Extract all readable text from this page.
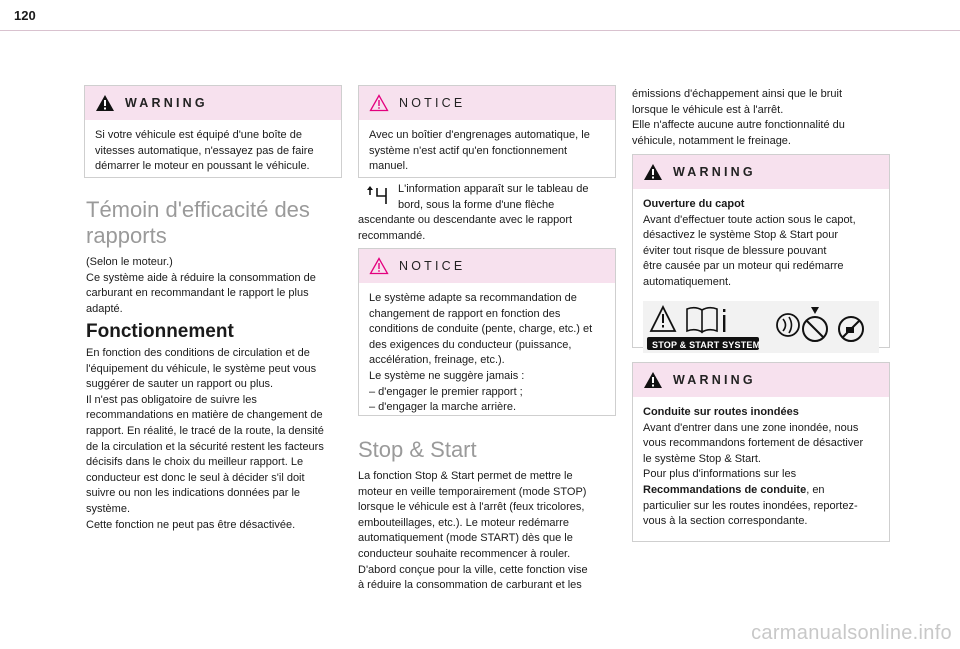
120
WARNING
Si votre véhicule est équipé d'une boîte de
vitesses automatique, n'essayez pas de faire
démarrer le moteur en poussant le véhicule.
Témoin d'efficacité des
rapports
(Selon le moteur.)
Ce système aide à réduire la consommation de
carburant en recommandant le rapport le plus
adapté.
Fonctionnement
En fonction des conditions de circulation et de
l'équipement du véhicule, le système peut vous
suggérer de sauter un rapport ou plus.
Il n'est pas obligatoire de suivre les
recommandations en matière de changement de
rapport. En réalité, le tracé de la route, la densité
de la circulation et la sécurité restent les facteurs
décisifs dans le choix du meilleur rapport. Le
conducteur est donc le seul à décider s'il doit
suivre ou non les indications données par le
système.
Cette fonction ne peut pas être désactivée.
NOTICE
Avec un boîtier d'engrenages automatique, le
système n'est actif qu'en fonctionnement
manuel.
L'information apparaît sur le tableau de
bord, sous la forme d'une flèche
ascendante ou descendante avec le rapport
recommandé.
NOTICE
Le système adapte sa recommandation de
changement de rapport en fonction des
conditions de conduite (pente, charge, etc.) et
des exigences du conducteur (puissance,
accélération, freinage, etc.).
Le système ne suggère jamais :
– d'engager le premier rapport ;
– d'engager la marche arrière.
Stop & Start
La fonction Stop & Start permet de mettre le
moteur en veille temporairement (mode STOP)
lorsque le véhicule est à l'arrêt (feux tricolores,
embouteillages, etc.). Le moteur redémarre
automatiquement (mode START) dès que le
conducteur souhaite recommencer à rouler.
D'abord conçue pour la ville, cette fonction vise
à réduire la consommation de carburant et les
émissions d'échappement ainsi que le bruit
lorsque le véhicule est à l'arrêt.
Elle n'affecte aucune autre fonctionnalité du
véhicule, notamment le freinage.
WARNING
Ouverture du capot
Avant d'effectuer toute action sous le capot,
désactivez le système Stop & Start pour
éviter tout risque de blessure pouvant
être causée par un moteur qui redémarre
automatiquement.
STOP & START SYSTEM
WARNING
Conduite sur routes inondées
Avant d'entrer dans une zone inondée, nous
vous recommandons fortement de désactiver
le système Stop & Start.
Pour plus d'informations sur les
Recommandations de conduite, en
particulier sur les routes inondées, reportez-
vous à la section correspondante.
carmanualsonline.info
